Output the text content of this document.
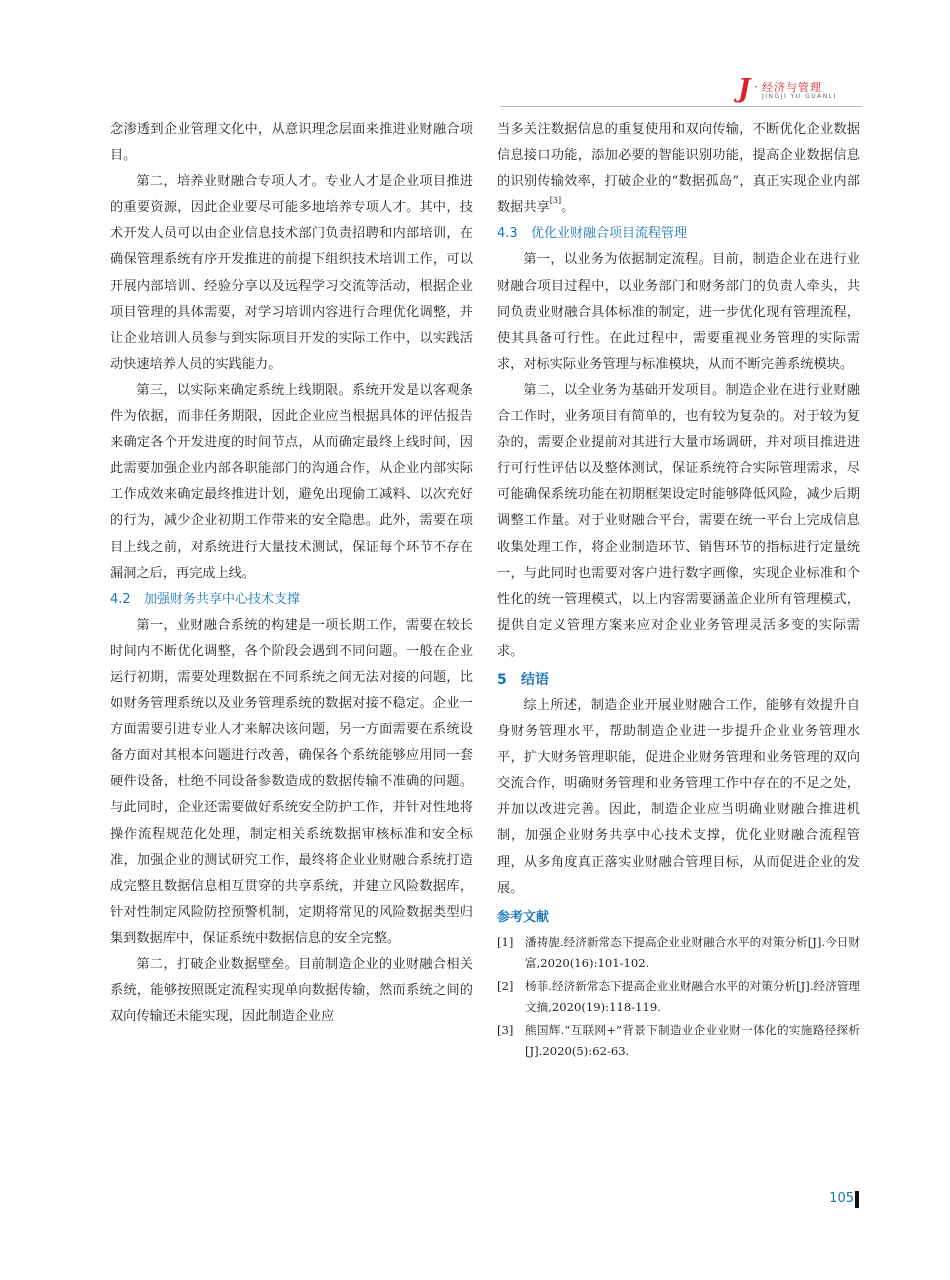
J · 经济与管理
JINGJI YU GUANLI

念渗透到企业管理文化中，从意识理念层面来推进业财融合项目。

第二，培养业财融合专项人才。专业人才是企业项目推进的重要资源，因此企业要尽可能多地培养专项人才。其中，技术开发人员可以由企业信息技术部门负责招聘和内部培训，在确保管理系统有序开发推进的前提下组织技术培训工作，可以开展内部培训、经验分享以及远程学习交流等活动，根据企业项目管理的具体需要，对学习培训内容进行合理优化调整，并让企业培训人员参与到实际项目开发的实际工作中，以实践活动快速培养人员的实践能力。

第三，以实际来确定系统上线期限。系统开发是以客观条件为依据，而非任务期限，因此企业应当根据具体的评估报告来确定各个开发进度的时间节点，从而确定最终上线时间，因此需要加强企业内部各职能部门的沟通合作，从企业内部实际工作成效来确定最终推进计划，避免出现偷工减料、以次充好的行为，减少企业初期工作带来的安全隐患。此外，需要在项目上线之前，对系统进行大量技术测试，保证每个环节不存在漏洞之后，再完成上线。

4.2 加强财务共享中心技术支撑

第一，业财融合系统的构建是一项长期工作，需要在较长时间内不断优化调整，各个阶段会遇到不同问题。一般在企业运行初期，需要处理数据在不同系统之间无法对接的问题，比如财务管理系统以及业务管理系统的数据对接不稳定。企业一方面需要引进专业人才来解决该问题，另一方面需要在系统设备方面对其根本问题进行改善，确保各个系统能够应用同一套硬件设备，杜绝不同设备参数造成的数据传输不准确的问题。与此同时，企业还需要做好系统安全防护工作，并针对性地将操作流程规范化处理，制定相关系统数据审核标准和安全标准，加强企业的测试研究工作，最终将企业业财融合系统打造成完整且数据信息相互贯穿的共享系统，并建立风险数据库，针对性制定风险防控预警机制，定期将常见的风险数据类型归集到数据库中，保证系统中数据信息的安全完整。

第二，打破企业数据壁垒。目前制造企业的业财融合相关系统，能够按照既定流程实现单向数据传输，然而系统之间的双向传输还未能实现，因此制造企业应

当多关注数据信息的重复使用和双向传输，不断优化企业数据信息接口功能，添加必要的智能识别功能，提高企业数据信息的识别传输效率，打破企业的“数据孤岛”，真正实现企业内部数据共享[3]。

4.3 优化业财融合项目流程管理

第一，以业务为依据制定流程。目前，制造企业在进行业财融合项目过程中，以业务部门和财务部门的负责人牵头，共同负责业财融合具体标准的制定，进一步优化现有管理流程，使其具备可行性。在此过程中，需要重视业务管理的实际需求，对标实际业务管理与标准模块，从而不断完善系统模块。

第二，以全业务为基础开发项目。制造企业在进行业财融合工作时，业务项目有简单的，也有较为复杂的。对于较为复杂的，需要企业提前对其进行大量市场调研，并对项目推进进行可行性评估以及整体测试，保证系统符合实际管理需求，尽可能确保系统功能在初期框架设定时能够降低风险，减少后期调整工作量。对于业财融合平台，需要在统一平台上完成信息收集处理工作，将企业制造环节、销售环节的指标进行定量统一，与此同时也需要对客户进行数字画像，实现企业标准和个性化的统一管理模式，以上内容需要涵盖企业所有管理模式，提供自定义管理方案来应对企业业务管理灵活多变的实际需求。

5 结语

综上所述，制造企业开展业财融合工作，能够有效提升自身财务管理水平，帮助制造企业进一步提升企业业务管理水平，扩大财务管理职能，促进企业财务管理和业务管理的双向交流合作，明确财务管理和业务管理工作中存在的不足之处，并加以改进完善。因此，制造企业应当明确业财融合推进机制，加强企业财务共享中心技术支撑，优化业财融合流程管理，从多角度真正落实业财融合管理目标，从而促进企业的发展。

参考文献
[1] 潘祷旎.经济新常态下提高企业业财融合水平的对策分析[J].今日财富,2020(16):101-102.
[2] 杨菲.经济新常态下提高企业业财融合水平的对策分析[J].经济管理文摘,2020(19):118-119.
[3] 熊国辉.“互联网+”背景下制造业企业业财一体化的实施路径探析[J].2020(5):62-63.
105
